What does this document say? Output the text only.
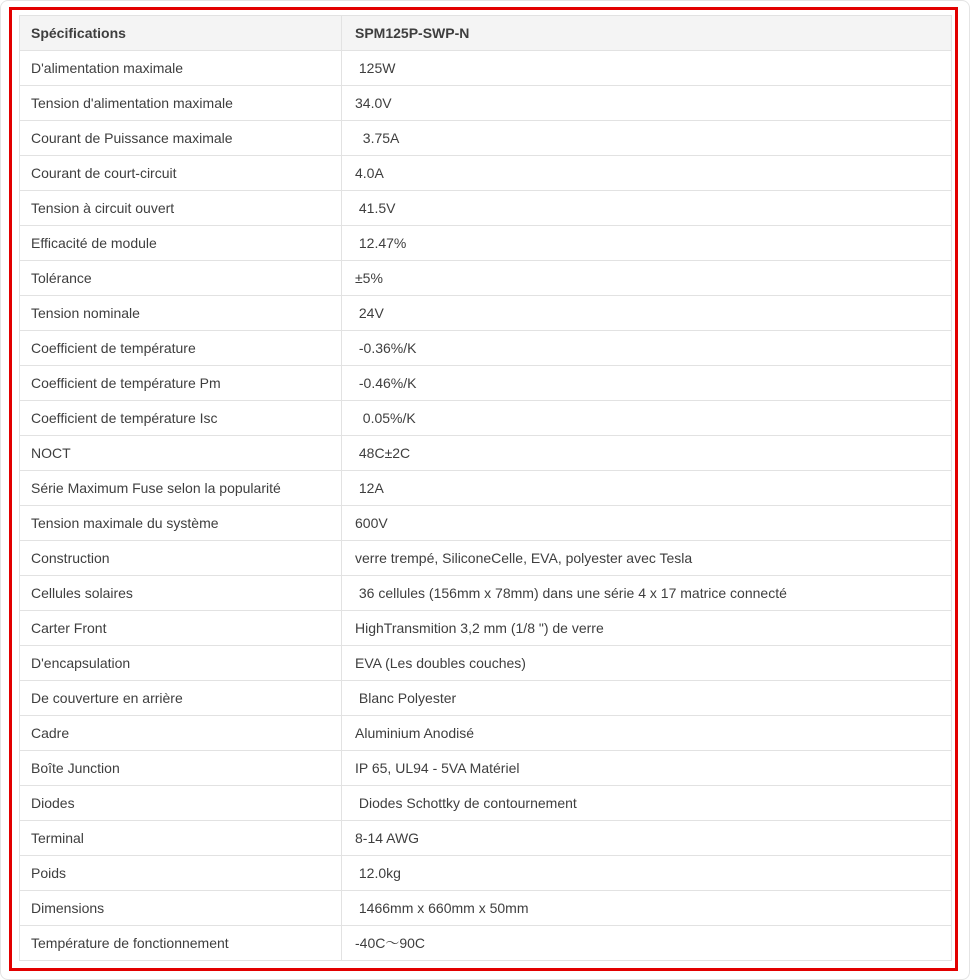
Spécifications	SPM125P-SWP-N
D'alimentation maximale	125W
Tension d'alimentation maximale	34.0V
Courant de Puissance maximale	3.75A
Courant de court-circuit	4.0A
Tension à circuit ouvert	41.5V
Efficacité de module	12.47%
Tolérance	±5%
Tension nominale	24V
Coefficient de température	-0.36%/K
Coefficient de température Pm	-0.46%/K
Coefficient de température Isc	0.05%/K
NOCT	48C±2C
Série Maximum Fuse selon la popularité	12A
Tension maximale du système	600V
Construction	verre trempé, SiliconeCelle, EVA, polyester avec Tesla
Cellules solaires	36 cellules (156mm x 78mm) dans une série 4 x 17 matrice connecté
Carter Front	HighTransmition 3,2 mm (1/8 ") de verre
D'encapsulation	EVA (Les doubles couches)
De couverture en arrière	Blanc Polyester
Cadre	Aluminium Anodisé
Boîte Junction	IP 65, UL94 - 5VA Matériel
Diodes	Diodes Schottky de contournement
Terminal	8-14 AWG
Poids	12.0kg
Dimensions	1466mm x 660mm x 50mm
Température de fonctionnement	-40C～90C
